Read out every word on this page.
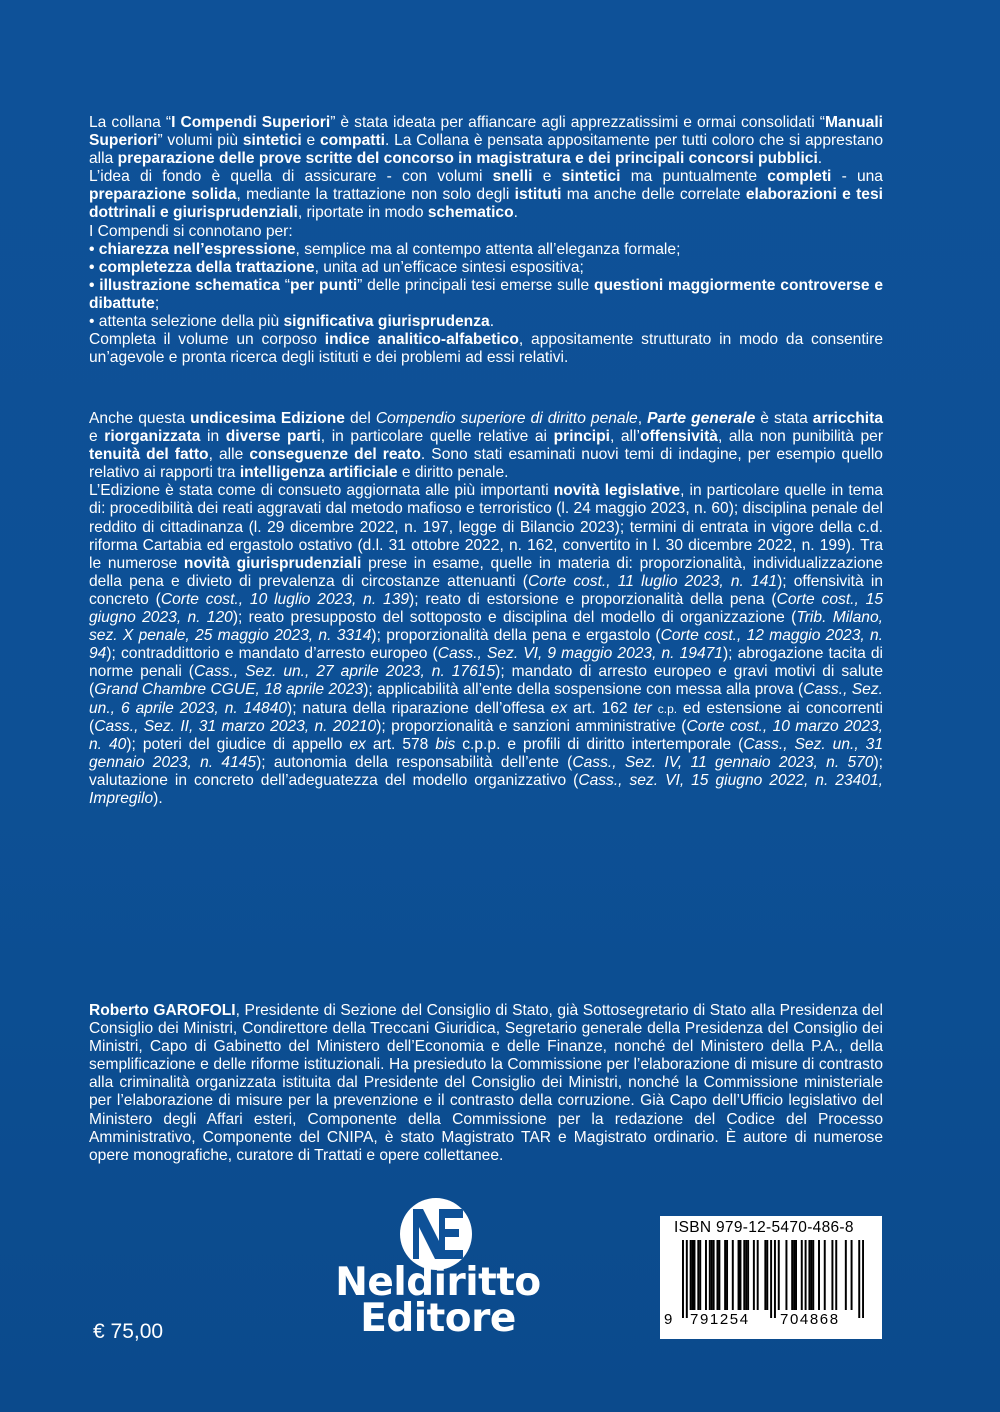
La collana “I Compendi Superiori” è stata ideata per affiancare agli apprezzatissimi e ormai consolidati “Manuali Superiori” volumi più sintetici e compatti. La Collana è pensata appositamente per tutti coloro che si apprestano alla preparazione delle prove scritte del concorso in magistratura e dei principali concorsi pubblici.

L’idea di fondo è quella di assicurare - con volumi snelli e sintetici ma puntualmente completi - una preparazione solida, mediante la trattazione non solo degli istituti ma anche delle correlate elaborazioni e tesi dottrinali e giurisprudenziali, riportate in modo schematico.

I Compendi si connotano per:

• chiarezza nell’espressione, semplice ma al contempo attenta all’eleganza formale;

• completezza della trattazione, unita ad un’efficace sintesi espositiva;

• illustrazione schematica “per punti” delle principali tesi emerse sulle questioni maggiormente controverse e dibattute;

• attenta selezione della più significativa giurisprudenza.

Completa il volume un corposo indice analitico-alfabetico, appositamente strutturato in modo da consentire un’agevole e pronta ricerca degli istituti e dei problemi ad essi relativi.

Anche questa undicesima Edizione del Compendio superiore di diritto penale, Parte generale è stata arricchita e riorganizzata in diverse parti, in particolare quelle relative ai principi, all’offensività, alla non punibilità per tenuità del fatto, alle conseguenze del reato. Sono stati esaminati nuovi temi di indagine, per esempio quello relativo ai rapporti tra intelligenza artificiale e diritto penale.

L’Edizione è stata come di consueto aggiornata alle più importanti novità legislative, in particolare quelle in tema di: procedibilità dei reati aggravati dal metodo mafioso e terroristico (l. 24 maggio 2023, n. 60); disciplina penale del reddito di cittadinanza (l. 29 dicembre 2022, n. 197, legge di Bilancio 2023); termini di entrata in vigore della c.d. riforma Cartabia ed ergastolo ostativo (d.l. 31 ottobre 2022, n. 162, convertito in l. 30 dicembre 2022, n. 199). Tra le numerose novità giurisprudenziali prese in esame, quelle in materia di: proporzionalità, individualizzazione della pena e divieto di prevalenza di circostanze attenuanti (Corte cost., 11 luglio 2023, n. 141); offensività in concreto (Corte cost., 10 luglio 2023, n. 139); reato di estorsione e proporzionalità della pena (Corte cost., 15 giugno 2023, n. 120); reato presupposto del sottoposto e disciplina del modello di organizzazione (Trib. Milano, sez. X penale, 25 maggio 2023, n. 3314); proporzionalità della pena e ergastolo (Corte cost., 12 maggio 2023, n. 94); contraddittorio e mandato d’arresto europeo (Cass., Sez. VI, 9 maggio 2023, n. 19471); abrogazione tacita di norme penali (Cass., Sez. un., 27 aprile 2023, n. 17615); mandato di arresto europeo e gravi motivi di salute (Grand Chambre CGUE, 18 aprile 2023); applicabilità all’ente della sospensione con messa alla prova (Cass., Sez. un., 6 aprile 2023, n. 14840); natura della riparazione dell’offesa ex art. 162 ter c.p. ed estensione ai concorrenti (Cass., Sez. II, 31 marzo 2023, n. 20210); proporzionalità e sanzioni amministrative (Corte cost., 10 marzo 2023, n. 40); poteri del giudice di appello ex art. 578 bis c.p.p. e profili di diritto intertemporale (Cass., Sez. un., 31 gennaio 2023, n. 4145); autonomia della responsabilità dell’ente (Cass., Sez. IV, 11 gennaio 2023, n. 570); valutazione in concreto dell’adeguatezza del modello organizzativo (Cass., sez. VI, 15 giugno 2022, n. 23401, Impregilo).

Roberto GAROFOLI, Presidente di Sezione del Consiglio di Stato, già Sottosegretario di Stato alla Presidenza del Consiglio dei Ministri, Condirettore della Treccani Giuridica, Segretario generale della Presidenza del Consiglio dei Ministri, Capo di Gabinetto del Ministero dell’Economia e delle Finanze, nonché del Ministero della P.A., della semplificazione e delle riforme istituzionali. Ha presieduto la Commissione per l’elaborazione di misure di contrasto alla criminalità organizzata istituita dal Presidente del Consiglio dei Ministri, nonché la Commissione ministeriale per l’elaborazione di misure per la prevenzione e il contrasto della corruzione. Già Capo dell’Ufficio legislativo del Ministero degli Affari esteri, Componente della Commissione per la redazione del Codice del Processo Amministrativo, Componente del CNIPA, è stato Magistrato TAR e Magistrato ordinario. È autore di numerose opere monografiche, curatore di Trattati e opere collettanee.

Neldiritto
Editore
€ 75,00
ISBN 979-12-5470-486-8
9 791254 704868
